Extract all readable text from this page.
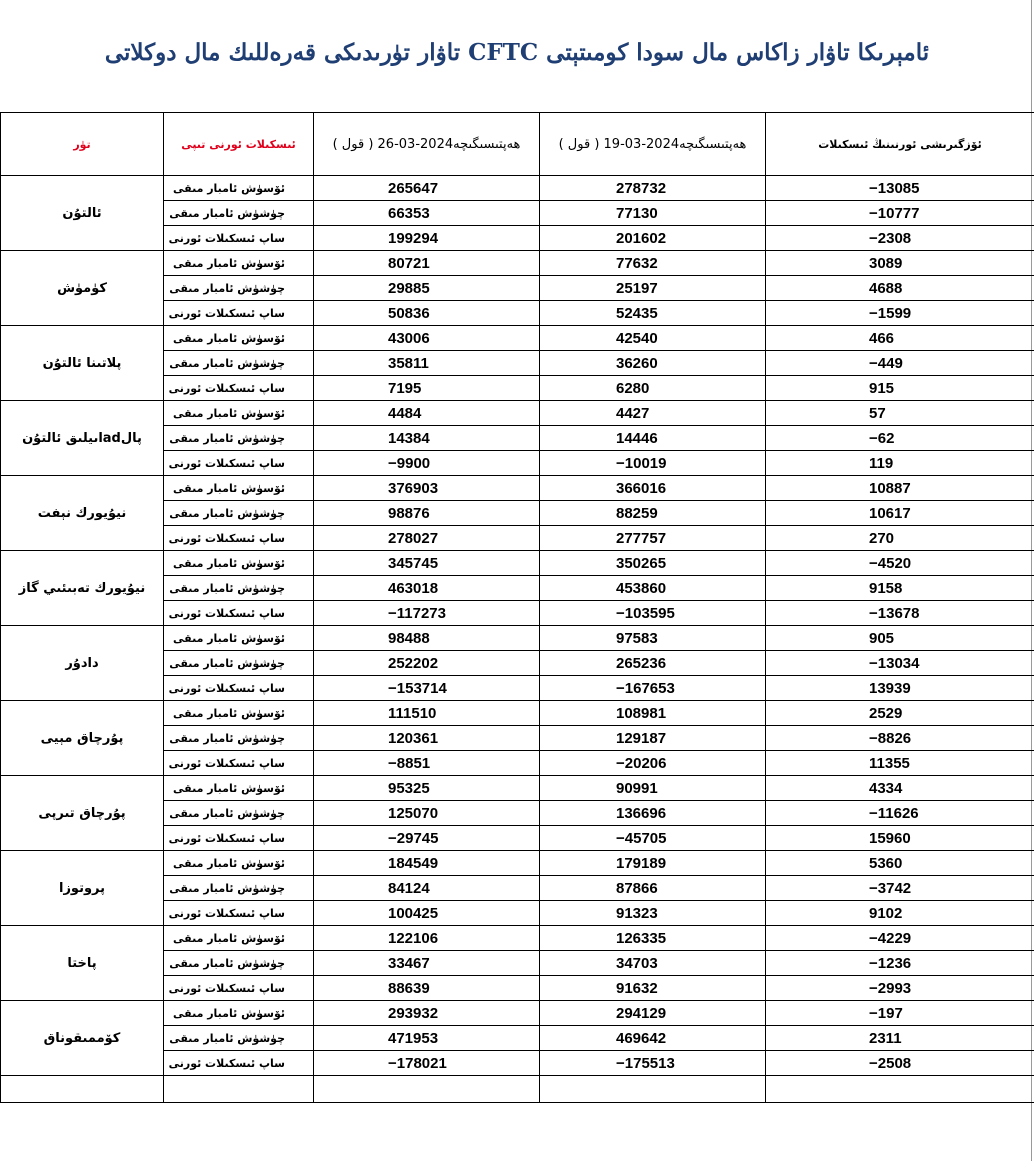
ئامېرىكا تاۋار زاكاس مال سودا كومىتېتى CFTC تاۋار تۈرىدىكى قەرەللىك مال دوكلاتى
تۈر	ئىسكىلات ئورنى تىپى	( قول ) ھەپتىسىگىچە2024-03-26	( قول ) ھەپتىسىگىچە2024-03-19	ئۆزگىرىشى ئورنىنىڭ ئىسكىلات
ئالتۇن	ئۆسۈش ئامبار مىقى	265647	278732	−13085
	چۈشۈش ئامبار مىقى	66353	77130	−10777
	ساپ ئىسكىلات ئورنى	199294	201602	−2308
كۈمۈش	ئۆسۈش ئامبار مىقى	80721	77632	3089
	چۈشۈش ئامبار مىقى	29885	25197	4688
	ساپ ئىسكىلات ئورنى	50836	52435	−1599
پلاتىنا ئالتۇن	ئۆسۈش ئامبار مىقى	43006	42540	466
	چۈشۈش ئامبار مىقى	35811	36260	−449
	ساپ ئىسكىلات ئورنى	7195	6280	915
پالladىيلىق ئالتۇن	ئۆسۈش ئامبار مىقى	4484	4427	57
	چۈشۈش ئامبار مىقى	14384	14446	−62
	ساپ ئىسكىلات ئورنى	−9900	−10019	119
نيۇيورك نېفت	ئۆسۈش ئامبار مىقى	376903	366016	10887
	چۈشۈش ئامبار مىقى	98876	88259	10617
	ساپ ئىسكىلات ئورنى	278027	277757	270
نيۇيورك تەبىئىي گاز	ئۆسۈش ئامبار مىقى	345745	350265	−4520
	چۈشۈش ئامبار مىقى	463018	453860	9158
	ساپ ئىسكىلات ئورنى	−117273	−103595	−13678
دادۇر	ئۆسۈش ئامبار مىقى	98488	97583	905
	چۈشۈش ئامبار مىقى	252202	265236	−13034
	ساپ ئىسكىلات ئورنى	−153714	−167653	13939
پۇرچاق مېيى	ئۆسۈش ئامبار مىقى	111510	108981	2529
	چۈشۈش ئامبار مىقى	120361	129187	−8826
	ساپ ئىسكىلات ئورنى	−8851	−20206	11355
پۇرچاق تىرپى	ئۆسۈش ئامبار مىقى	95325	90991	4334
	چۈشۈش ئامبار مىقى	125070	136696	−11626
	ساپ ئىسكىلات ئورنى	−29745	−45705	15960
پروتوزا	ئۆسۈش ئامبار مىقى	184549	179189	5360
	چۈشۈش ئامبار مىقى	84124	87866	−3742
	ساپ ئىسكىلات ئورنى	100425	91323	9102
پاختا	ئۆسۈش ئامبار مىقى	122106	126335	−4229
	چۈشۈش ئامبار مىقى	33467	34703	−1236
	ساپ ئىسكىلات ئورنى	88639	91632	−2993
كۆممىقوناق	ئۆسۈش ئامبار مىقى	293932	294129	−197
	چۈشۈش ئامبار مىقى	471953	469642	2311
	ساپ ئىسكىلات ئورنى	−178021	−175513	−2508
